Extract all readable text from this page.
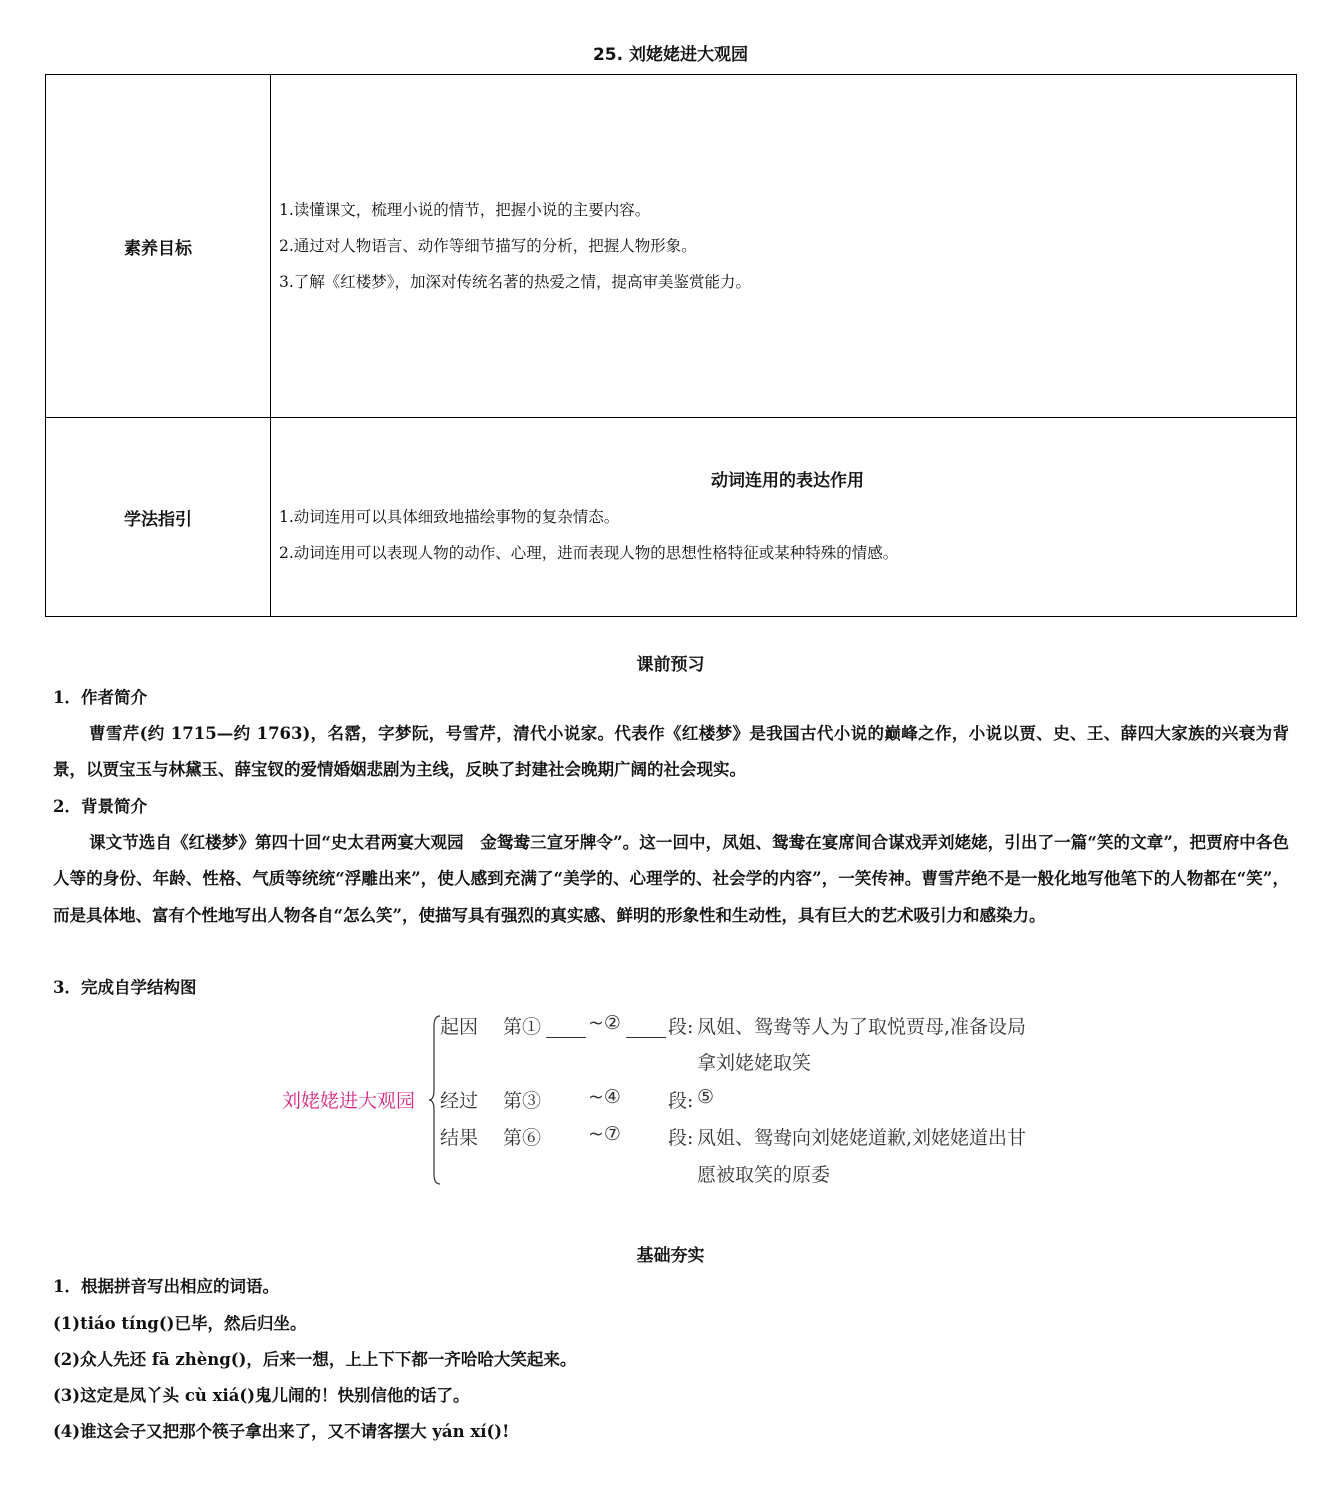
25. 刘姥姥进大观园
素养目标	1.读懂课文，梳理小说的情节，把握小说的主要内容。

2.通过对人物语言、动作等细节描写的分析，把握人物形象。

3.了解《红楼梦》，加深对传统名著的热爱之情，提高审美鉴赏能力。

学法指引	动词连用的表达作用

1.动词连用可以具体细致地描绘事物的复杂情态。

2.动词连用可以表现人物的动作、心理，进而表现人物的思想性格特征或某种特殊的情感。

课前预习

1．作者简介

曹雪芹(约 1715—约 1763)，名霑，字梦阮，号雪芹，清代小说家。代表作《红楼梦》是我国古代小说的巅峰之作，小说以贾、史、王、薛四大家族的兴衰为背景，以贾宝玉与林黛玉、薛宝钗的爱情婚姻悲剧为主线，反映了封建社会晚期广阔的社会现实。

2．背景简介

课文节选自《红楼梦》第四十回“史太君两宴大观园　金鸳鸯三宣牙牌令”。这一回中，凤姐、鸳鸯在宴席间合谋戏弄刘姥姥，引出了一篇“笑的文章”，把贾府中各色人等的身份、年龄、性格、气质等统统“浮雕出来”，使人感到充满了“美学的、心理学的、社会学的内容”，一笑传神。曹雪芹绝不是一般化地写他笔下的人物都在“笑”，而是具体地、富有个性地写出人物各自“怎么笑”，使描写具有强烈的真实感、鲜明的形象性和生动性，具有巨大的艺术吸引力和感染力。

3．完成自学结构图

刘姥姥进大观园
起因 第① ~② 段: 凤姐、鸳鸯等人为了取悦贾母,准备设局
拿刘姥姥取笑
经过 第③ ~④ 段: ⑤
结果 第⑥ ~⑦ 段: 凤姐、鸳鸯向刘姥姥道歉,刘姥姥道出甘
愿被取笑的原委
基础夯实

1．根据拼音写出相应的词语。

(1)tiáo tíng()已毕，然后归坐。

(2)众人先还 fā zhèng()，后来一想，上上下下都一齐哈哈大笑起来。

(3)这定是凤丫头 cù xiá()鬼儿闹的！快别信他的话了。

(4)谁这会子又把那个筷子拿出来了，又不请客摆大 yán xí()!
